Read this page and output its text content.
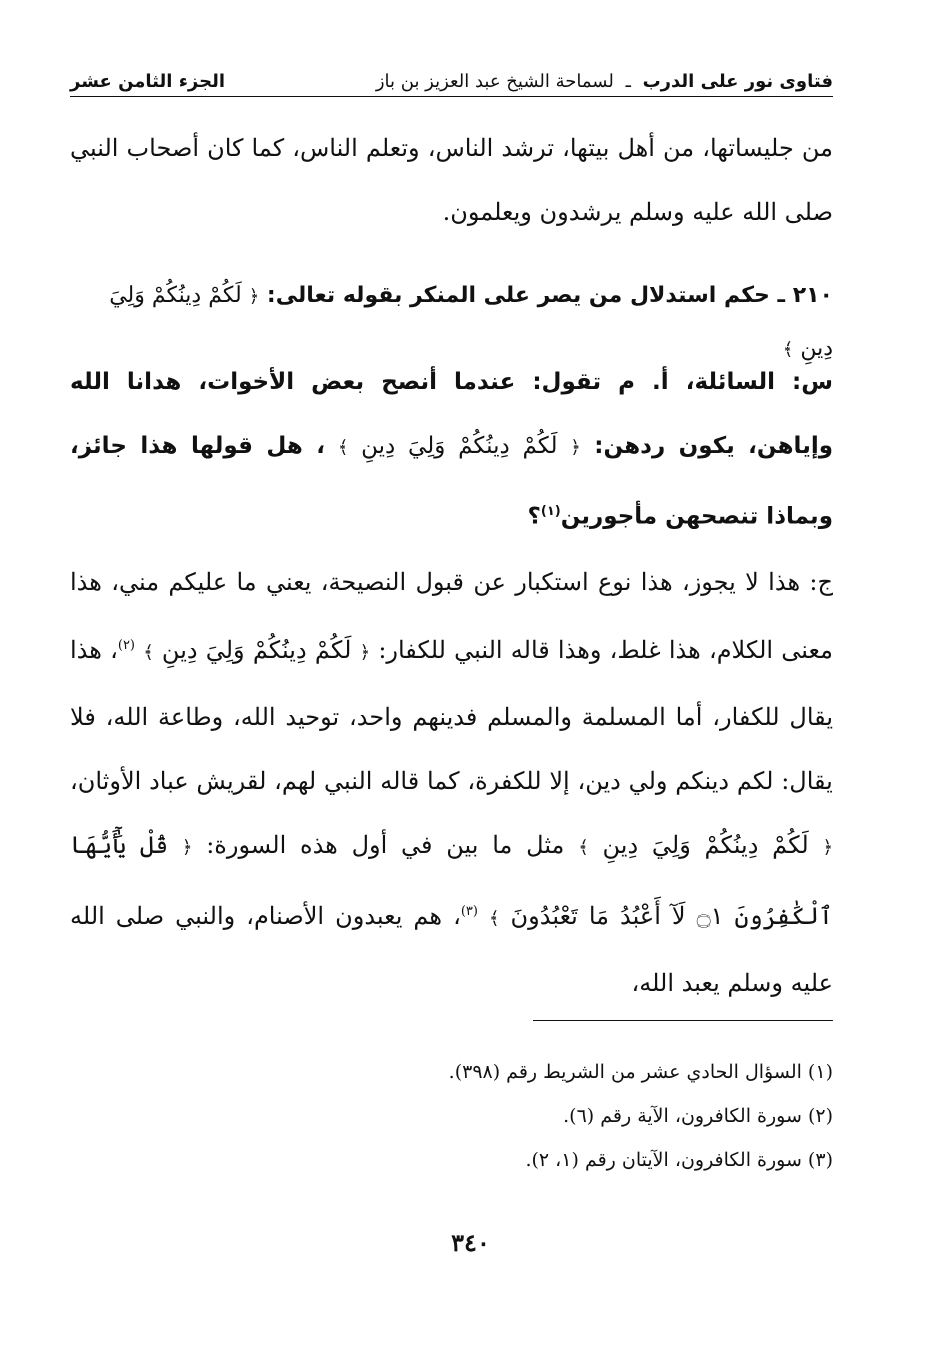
فتاوى نور على الدرب ـ لسماحة الشيخ عبد العزيز بن باز
الجزء الثامن عشر
من جليساتها، من أهل بيتها، ترشد الناس، وتعلم الناس، كما كان أصحاب النبي صلى الله عليه وسلم يرشدون ويعلمون.
٢١٠ ـ حكم استدلال من يصر على المنكر بقوله تعالى: ﴿ لَكُمْ دِينُكُمْ وَلِيَ دِينِ ﴾
س: السائلة، أ. م تقول: عندما أنصح بعض الأخوات، هدانا الله وإياهن، يكون ردهن: ﴿ لَكُمْ دِينُكُمْ وَلِيَ دِينِ ﴾ ، هل قولها هذا جائز، وبماذا تنصحهن مأجورين$^{(١)}$؟
ج: هذا لا يجوز، هذا نوع استكبار عن قبول النصيحة، يعني ما عليكم مني، هذا معنى الكلام، هذا غلط، وهذا قاله النبي للكفار: ﴿ لَكُمْ دِينُكُمْ وَلِيَ دِينِ ﴾ $^{(٢)}$، هذا يقال للكفار، أما المسلمة والمسلم فدينهم واحد، توحيد الله، وطاعة الله، فلا يقال: لكم دينكم ولي دين، إلا للكفرة، كما قاله النبي لهم، لقريش عباد الأوثان، ﴿ لَكُمْ دِينُكُمْ وَلِيَ دِينِ ﴾ مثل ما بين في أول هذه السورة: ﴿ قُلْ يَٰٓأَيُّهَا ٱلْكَٰفِرُونَ ۝١ لَآ أَعْبُدُ مَا تَعْبُدُونَ ﴾ $^{(٣)}$، هم يعبدون الأصنام، والنبي صلى الله عليه وسلم يعبد الله،
(١) السؤال الحادي عشر من الشريط رقم (٣٩٨).
(٢) سورة الكافرون، الآية رقم (٦).
(٣) سورة الكافرون، الآيتان رقم (١، ٢).
٣٤٠
